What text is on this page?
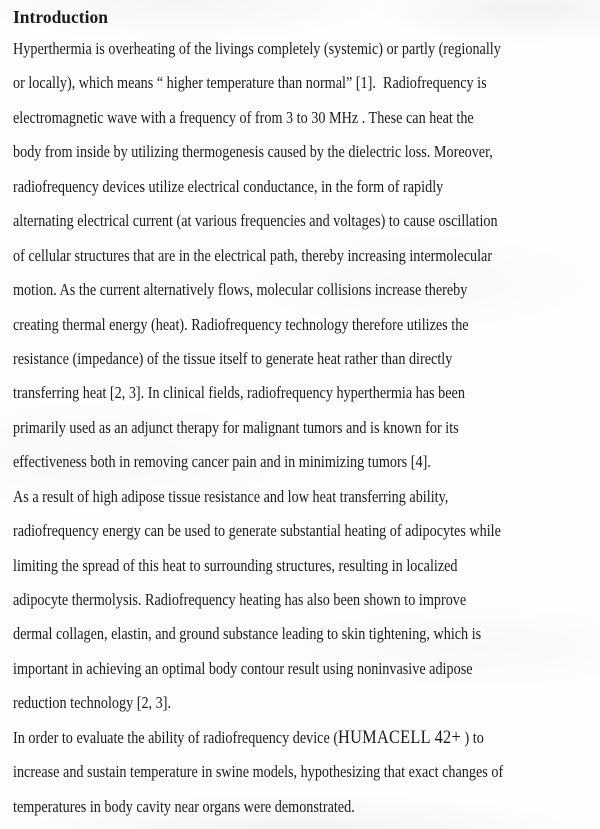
Introduction
Hyperthermia is overheating of the livings completely (systemic) or partly (regionally
or locally), which means “ higher temperature than normal” [1].  Radiofrequency is
electromagnetic wave with a frequency of from 3 to 30 MHz . These can heat the
body from inside by utilizing thermogenesis caused by the dielectric loss. Moreover,
radiofrequency devices utilize electrical conductance, in the form of rapidly
alternating electrical current (at various frequencies and voltages) to cause oscillation
of cellular structures that are in the electrical path, thereby increasing intermolecular
motion. As the current alternatively flows, molecular collisions increase thereby
creating thermal energy (heat). Radiofrequency technology therefore utilizes the
resistance (impedance) of the tissue itself to generate heat rather than directly
transferring heat [2, 3]. In clinical fields, radiofrequency hyperthermia has been
primarily used as an adjunct therapy for malignant tumors and is known for its
effectiveness both in removing cancer pain and in minimizing tumors [4].
As a result of high adipose tissue resistance and low heat transferring ability,
radiofrequency energy can be used to generate substantial heating of adipocytes while
limiting the spread of this heat to surrounding structures, resulting in localized
adipocyte thermolysis. Radiofrequency heating has also been shown to improve
dermal collagen, elastin, and ground substance leading to skin tightening, which is
important in achieving an optimal body contour result using noninvasive adipose
reduction technology [2, 3].
In order to evaluate the ability of radiofrequency device (HUMACELL 42+ ) to
increase and sustain temperature in swine models, hypothesizing that exact changes of
temperatures in body cavity near organs were demonstrated.
